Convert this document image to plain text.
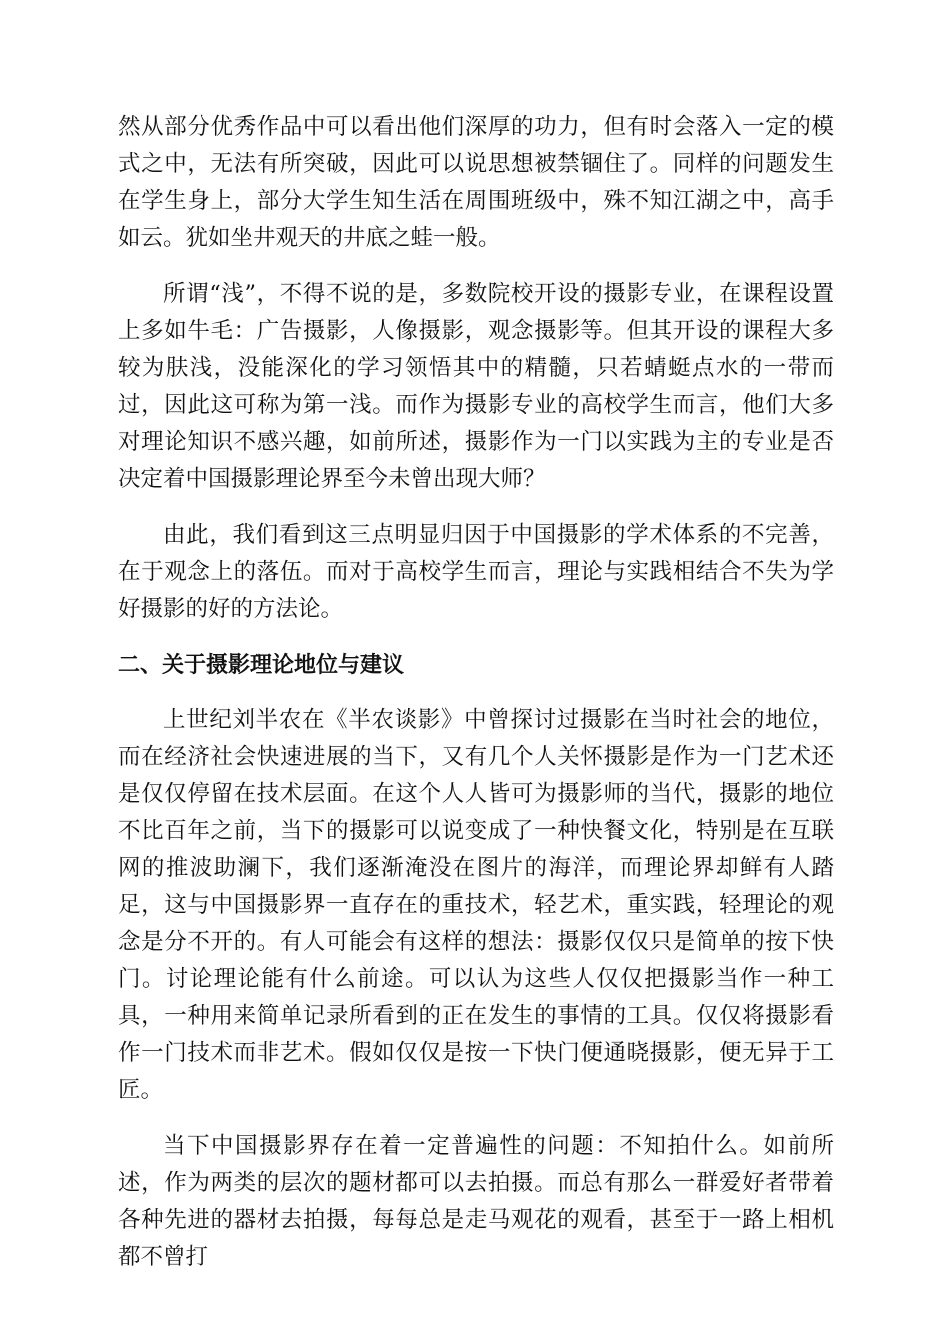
然从部分优秀作品中可以看出他们深厚的功力，但有时会落入一定的模式之中，无法有所突破，因此可以说思想被禁锢住了。同样的问题发生在学生身上，部分大学生知生活在周围班级中，殊不知江湖之中，高手如云。犹如坐井观天的井底之蛙一般。

所谓“浅”，不得不说的是，多数院校开设的摄影专业，在课程设置上多如牛毛：广告摄影，人像摄影，观念摄影等。但其开设的课程大多较为肤浅，没能深化的学习领悟其中的精髓，只若蜻蜓点水的一带而过，因此这可称为第一浅。而作为摄影专业的高校学生而言，他们大多对理论知识不感兴趣，如前所述，摄影作为一门以实践为主的专业是否决定着中国摄影理论界至今未曾出现大师？

由此，我们看到这三点明显归因于中国摄影的学术体系的不完善，在于观念上的落伍。而对于高校学生而言，理论与实践相结合不失为学好摄影的好的方法论。

二、关于摄影理论地位与建议

上世纪刘半农在《半农谈影》中曾探讨过摄影在当时社会的地位，而在经济社会快速进展的当下，又有几个人关怀摄影是作为一门艺术还是仅仅停留在技术层面。在这个人人皆可为摄影师的当代，摄影的地位不比百年之前，当下的摄影可以说变成了一种快餐文化，特别是在互联网的推波助澜下，我们逐渐淹没在图片的海洋，而理论界却鲜有人踏足，这与中国摄影界一直存在的重技术，轻艺术，重实践，轻理论的观念是分不开的。有人可能会有这样的想法：摄影仅仅只是简单的按下快门。讨论理论能有什么前途。可以认为这些人仅仅把摄影当作一种工具，一种用来简单记录所看到的正在发生的事情的工具。仅仅将摄影看作一门技术而非艺术。假如仅仅是按一下快门便通晓摄影，便无异于工匠。

当下中国摄影界存在着一定普遍性的问题：不知拍什么。如前所述，作为两类的层次的题材都可以去拍摄。而总有那么一群爱好者带着各种先进的器材去拍摄，每每总是走马观花的观看，甚至于一路上相机都不曾打
